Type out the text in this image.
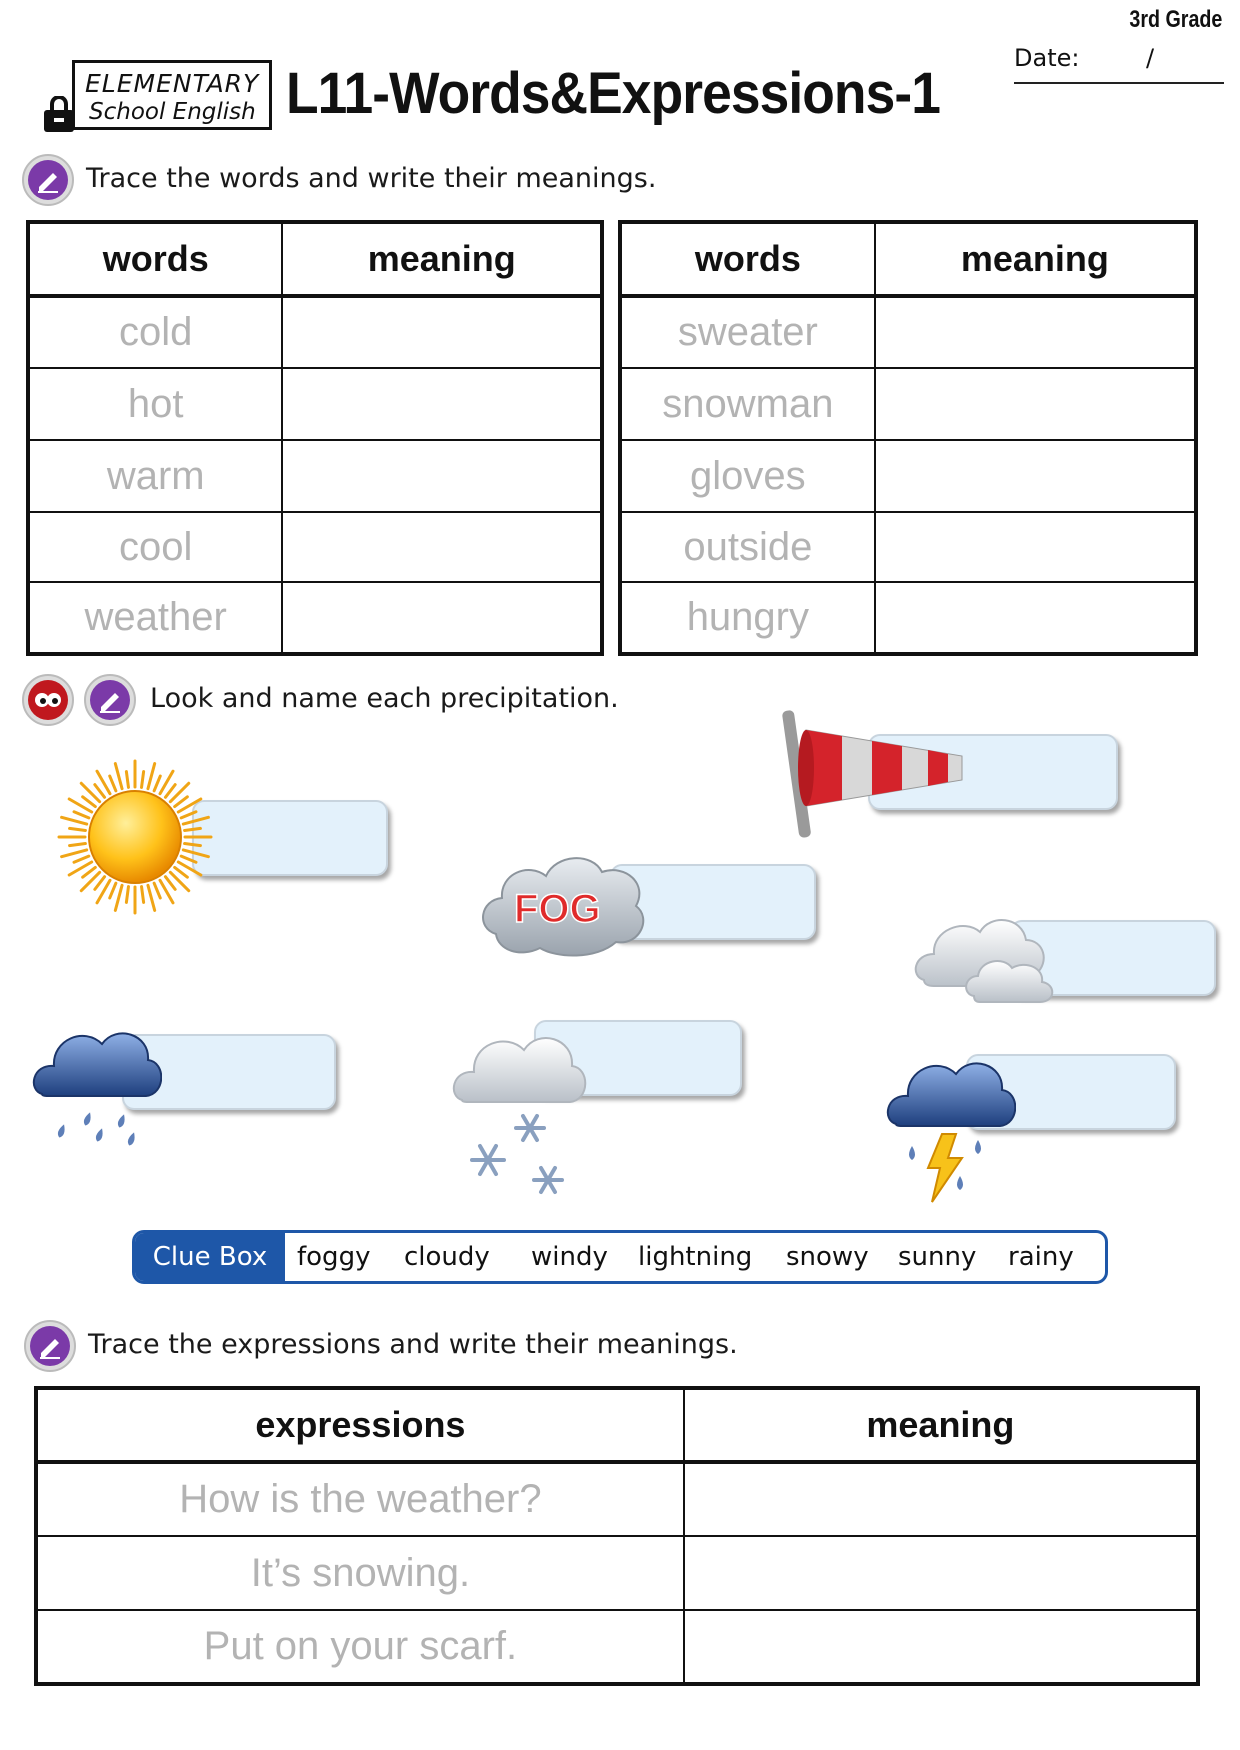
3rd Grade
Date:	/
ELEMENTARY
School English L11-Words&Expressions-1
Trace the words and write their meanings.
words	meaning
cold	
hot	
warm	
cool	
weather	
words	meaning
sweater	
snowman	
gloves	
outside	
hungry	
Look and name each precipitation.
FOG
Clue Box	foggy cloudy windy lightning snowy sunny rainy
Trace the expressions and write their meanings.
expressions	meaning
How is the weather?	
It’s snowing.	
Put on your scarf.	
